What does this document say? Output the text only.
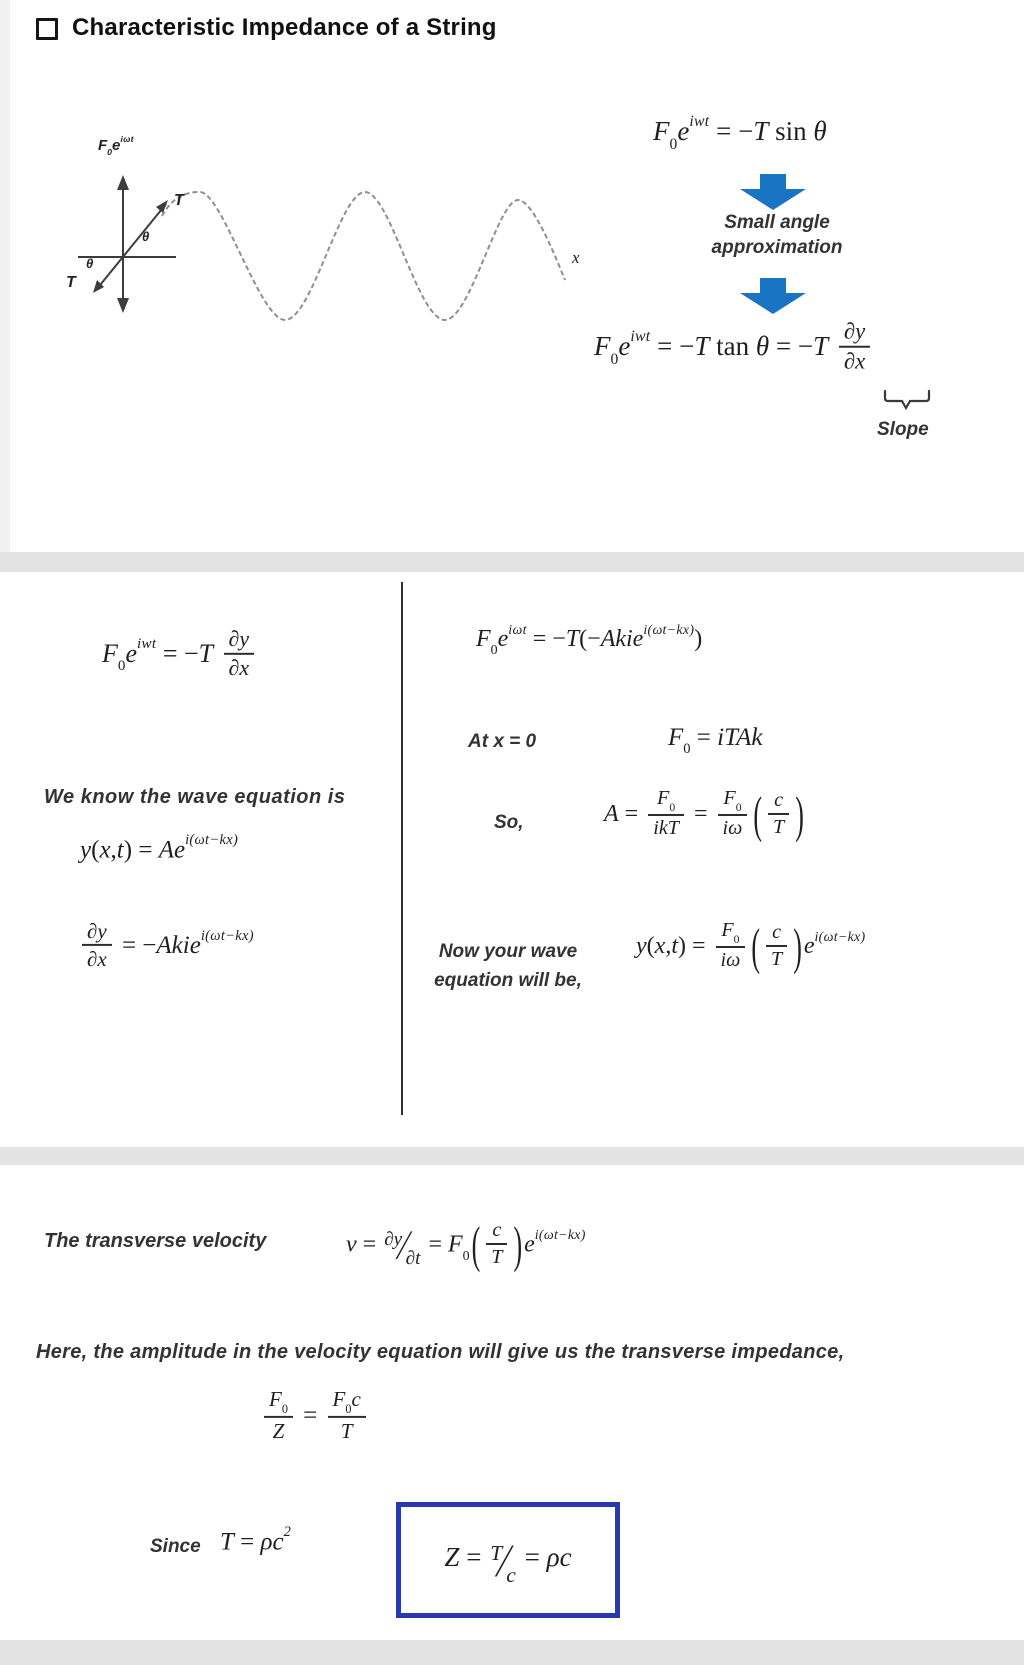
Characteristic Impedance of a String
$F_0e^{i\omega t}$
T
θ
θ
T
x
$F_0e^{iwt} = -T$ sin θ
Small angle
approximation
$F_0e^{iwt} = -T$ $\tan \theta = -T \frac{\partial y}{\partial x}$
Slope
$F_0e^{iwt} = -T \frac{\partial y}{\partial x}$
We know the wave equation is
$y(x,t) = Ae^{i(\omega t-kx)}$
$\frac{\partial y}{\partial x}$ = −Akie$^{i(\omega t-kx)}$
$F_0e^{i\omega t}$ = −T(−Akie$^{i(\omega t-kx)}$)
At x = 0	$F_0$ = iTAk
So,	$A = \frac{F_0}{\text{ikT}} = \frac{F_0}{i\omega}$ ( $\frac{c}{T}$ )
Now your wave
equation will be,
$y(x,t) = \frac{F_0}{i\omega}$ ( $\frac{c}{T} )e^{i(\omega t-kx)}$
The transverse velocity	v = ∂y∕∂t = $F_0( \frac{c}{T} )e^{i(\omega t-kx)}$
Here, the amplitude in the velocity equation will give us the transverse impedance,
$\frac{F_0}{Z} = \frac{F_0c}{T}$
Since $T = \rho c^2$
Z = T∕c = ρc
